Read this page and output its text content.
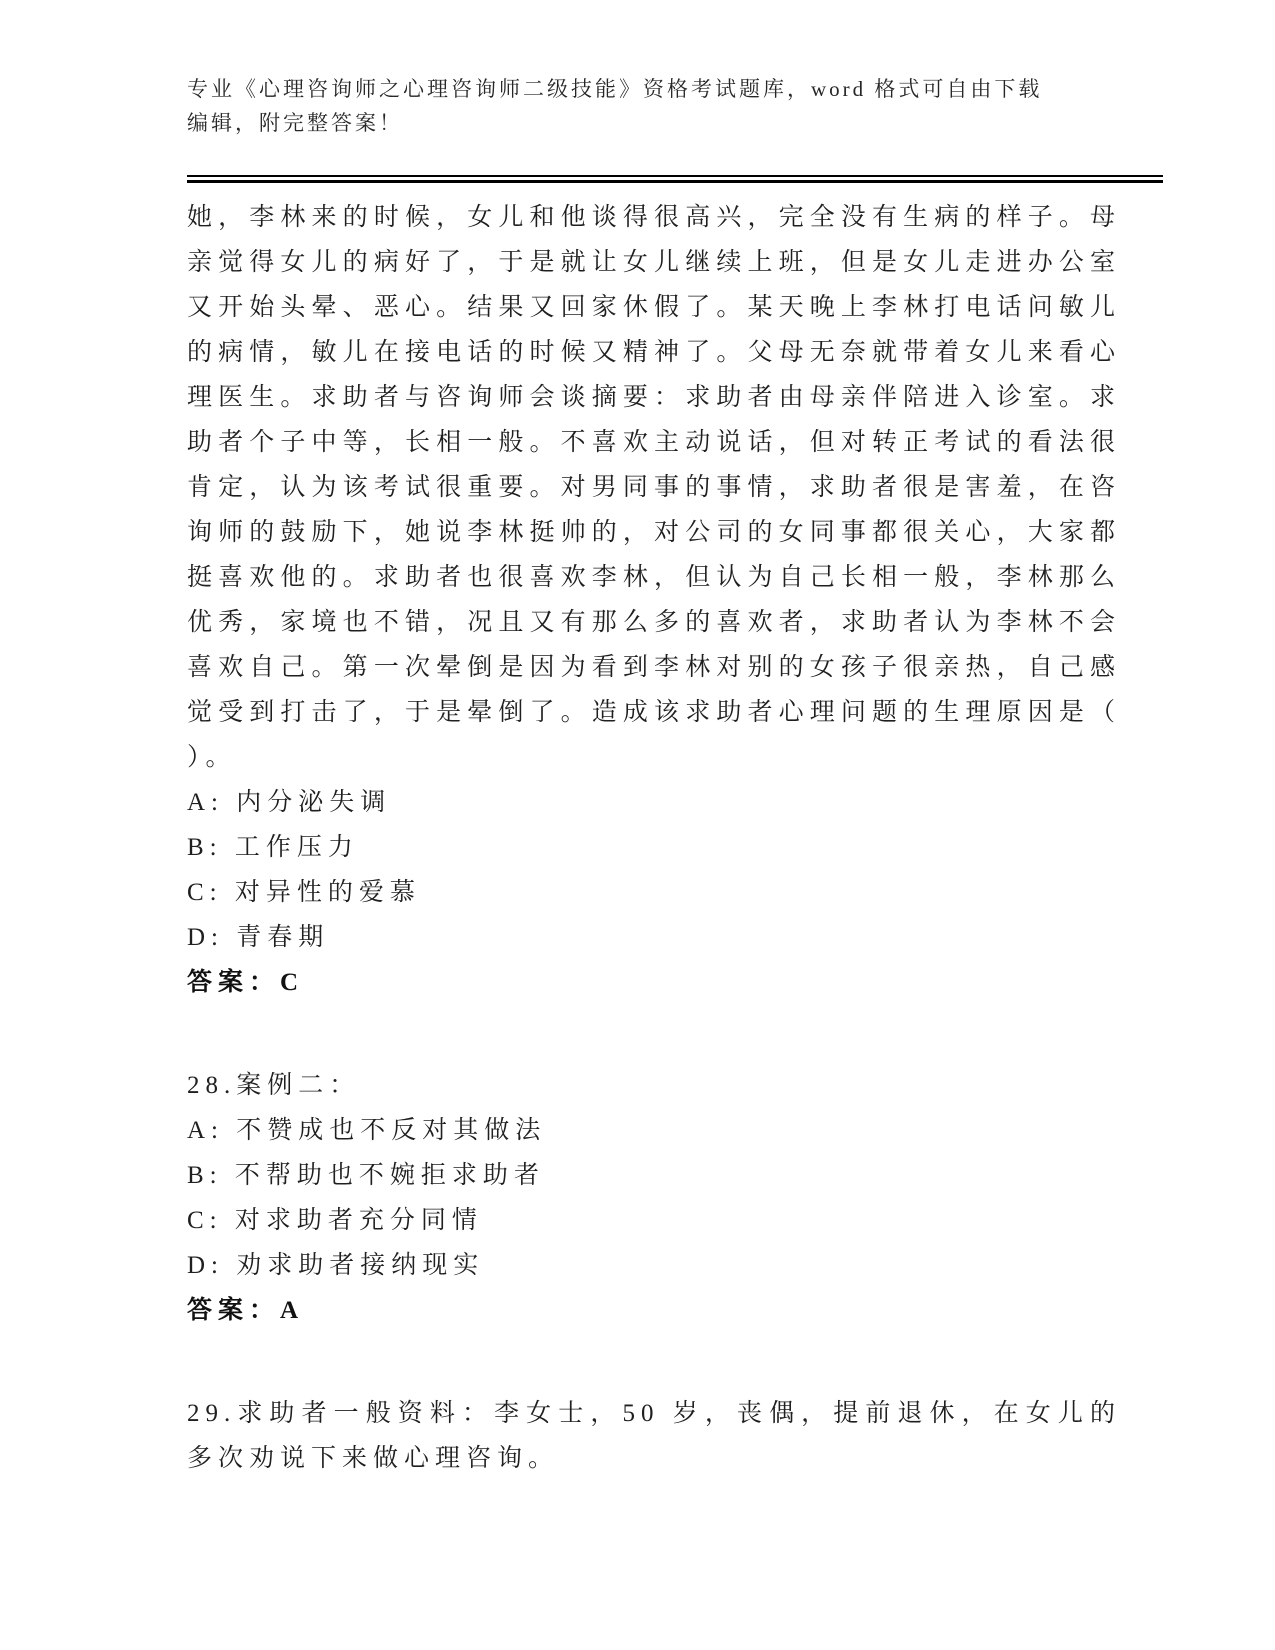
专业《心理咨询师之心理咨询师二级技能》资格考试题库，word 格式可自由下载
编辑，附完整答案！

她，李林来的时候，女儿和他谈得很高兴，完全没有生病的样子。母亲觉得女儿的病好了，于是就让女儿继续上班，但是女儿走进办公室又开始头晕、恶心。结果又回家休假了。某天晚上李林打电话问敏儿的病情，敏儿在接电话的时候又精神了。父母无奈就带着女儿来看心理医生。求助者与咨询师会谈摘要：求助者由母亲伴陪进入诊室。求助者个子中等，长相一般。不喜欢主动说话，但对转正考试的看法很肯定，认为该考试很重要。对男同事的事情，求助者很是害羞，在咨询师的鼓励下，她说李林挺帅的，对公司的女同事都很关心，大家都挺喜欢他的。求助者也很喜欢李林，但认为自己长相一般，李林那么优秀，家境也不错，况且又有那么多的喜欢者，求助者认为李林不会喜欢自己。第一次晕倒是因为看到李林对别的女孩子很亲热，自己感觉受到打击了，于是晕倒了。造成该求助者心理问题的生理原因是（ ）。

A: 内分泌失调
B: 工作压力
C: 对异性的爱慕
D: 青春期
答案：C
28.案例二：
A: 不赞成也不反对其做法
B: 不帮助也不婉拒求助者
C: 对求助者充分同情
D: 劝求助者接纳现实
答案：A

29.求助者一般资料：李女士，50 岁，丧偶，提前退休，在女儿的多次劝说下来做心理咨询。
